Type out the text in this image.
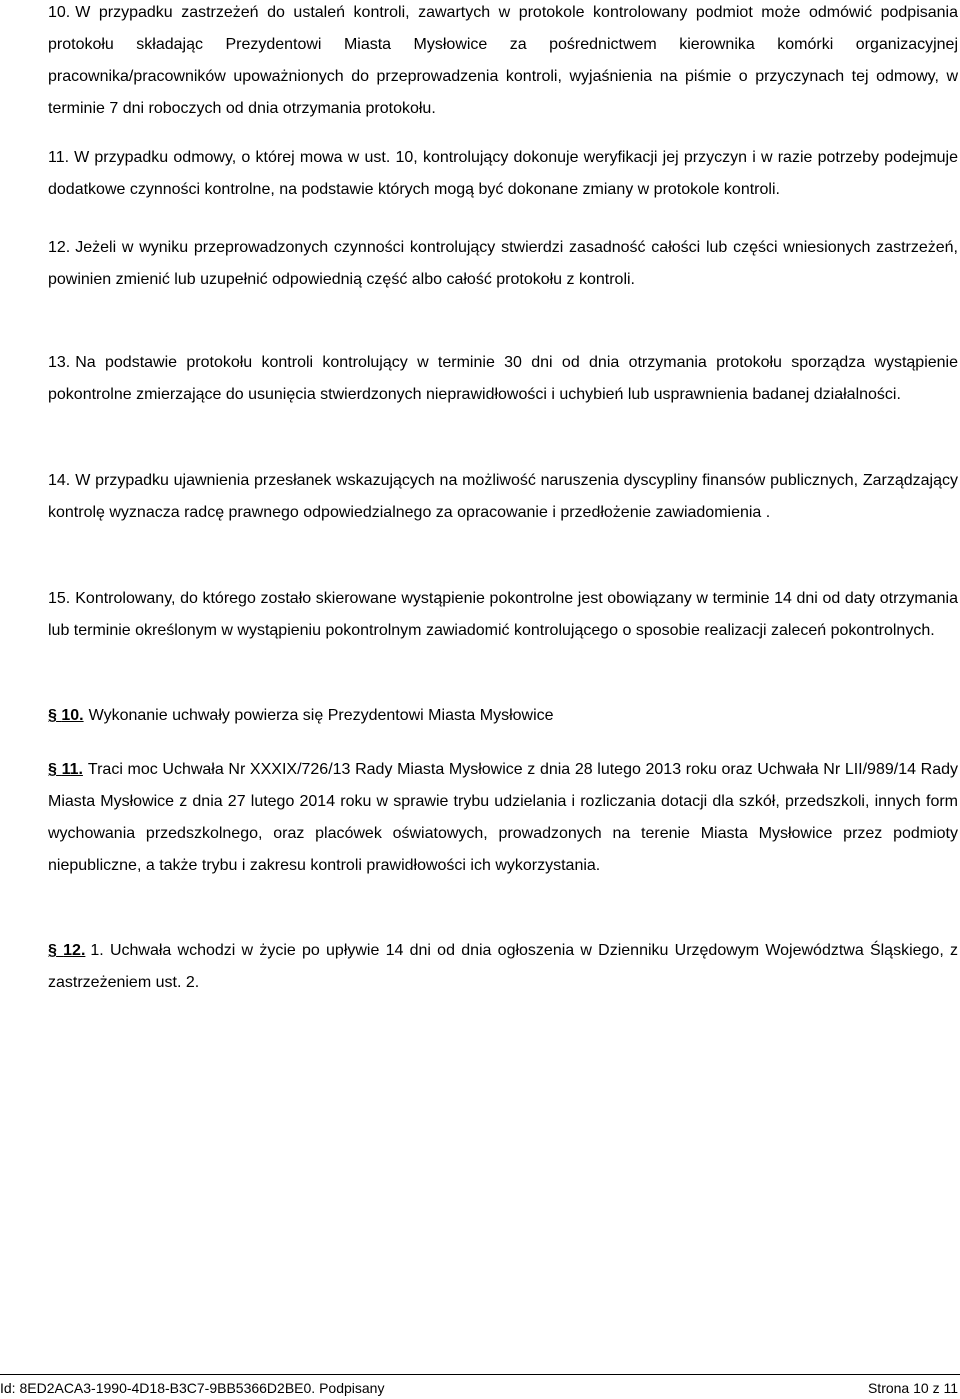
10. W przypadku zastrzeżeń do ustaleń kontroli, zawartych w protokole kontrolowany podmiot może odmówić podpisania protokołu składając Prezydentowi Miasta Mysłowice za pośrednictwem kierownika komórki organizacyjnej pracownika/pracowników upoważnionych do przeprowadzenia kontroli, wyjaśnienia na piśmie o przyczynach tej odmowy, w terminie 7 dni roboczych od dnia otrzymania protokołu.
11. W przypadku odmowy, o której mowa w ust. 10, kontrolujący dokonuje weryfikacji jej przyczyn i w razie potrzeby podejmuje dodatkowe czynności kontrolne, na podstawie których mogą być dokonane zmiany w protokole kontroli.
12. Jeżeli w wyniku przeprowadzonych czynności kontrolujący stwierdzi zasadność całości lub części wniesionych zastrzeżeń, powinien zmienić lub uzupełnić odpowiednią część albo całość protokołu z kontroli.
13. Na podstawie protokołu kontroli kontrolujący w terminie 30 dni od dnia otrzymania protokołu sporządza wystąpienie pokontrolne zmierzające do usunięcia stwierdzonych nieprawidłowości i uchybień lub usprawnienia badanej działalności.
14. W przypadku ujawnienia przesłanek wskazujących na możliwość naruszenia dyscypliny finansów publicznych, Zarządzający kontrolę wyznacza radcę prawnego odpowiedzialnego za opracowanie i przedłożenie zawiadomienia .
15. Kontrolowany, do którego zostało skierowane wystąpienie pokontrolne jest obowiązany w terminie 14 dni od daty otrzymania lub terminie określonym w wystąpieniu pokontrolnym zawiadomić kontrolującego o sposobie realizacji zaleceń pokontrolnych.
§ 10. Wykonanie uchwały powierza się Prezydentowi Miasta Mysłowice
§ 11. Traci moc Uchwała Nr XXXIX/726/13 Rady Miasta Mysłowice z dnia 28 lutego 2013 roku oraz Uchwała Nr LII/989/14 Rady Miasta Mysłowice z dnia 27 lutego 2014 roku w sprawie trybu udzielania i rozliczania dotacji dla szkół, przedszkoli, innych form wychowania przedszkolnego, oraz placówek oświatowych, prowadzonych na terenie Miasta Mysłowice przez podmioty niepubliczne, a także trybu i zakresu kontroli prawidłowości ich wykorzystania.
§ 12. 1. Uchwała wchodzi w życie po upływie 14 dni od dnia ogłoszenia w Dzienniku Urzędowym Województwa Śląskiego, z zastrzeżeniem ust. 2.
Id: 8ED2ACA3-1990-4D18-B3C7-9BB5366D2BE0. Podpisany	Strona 10 z 11
